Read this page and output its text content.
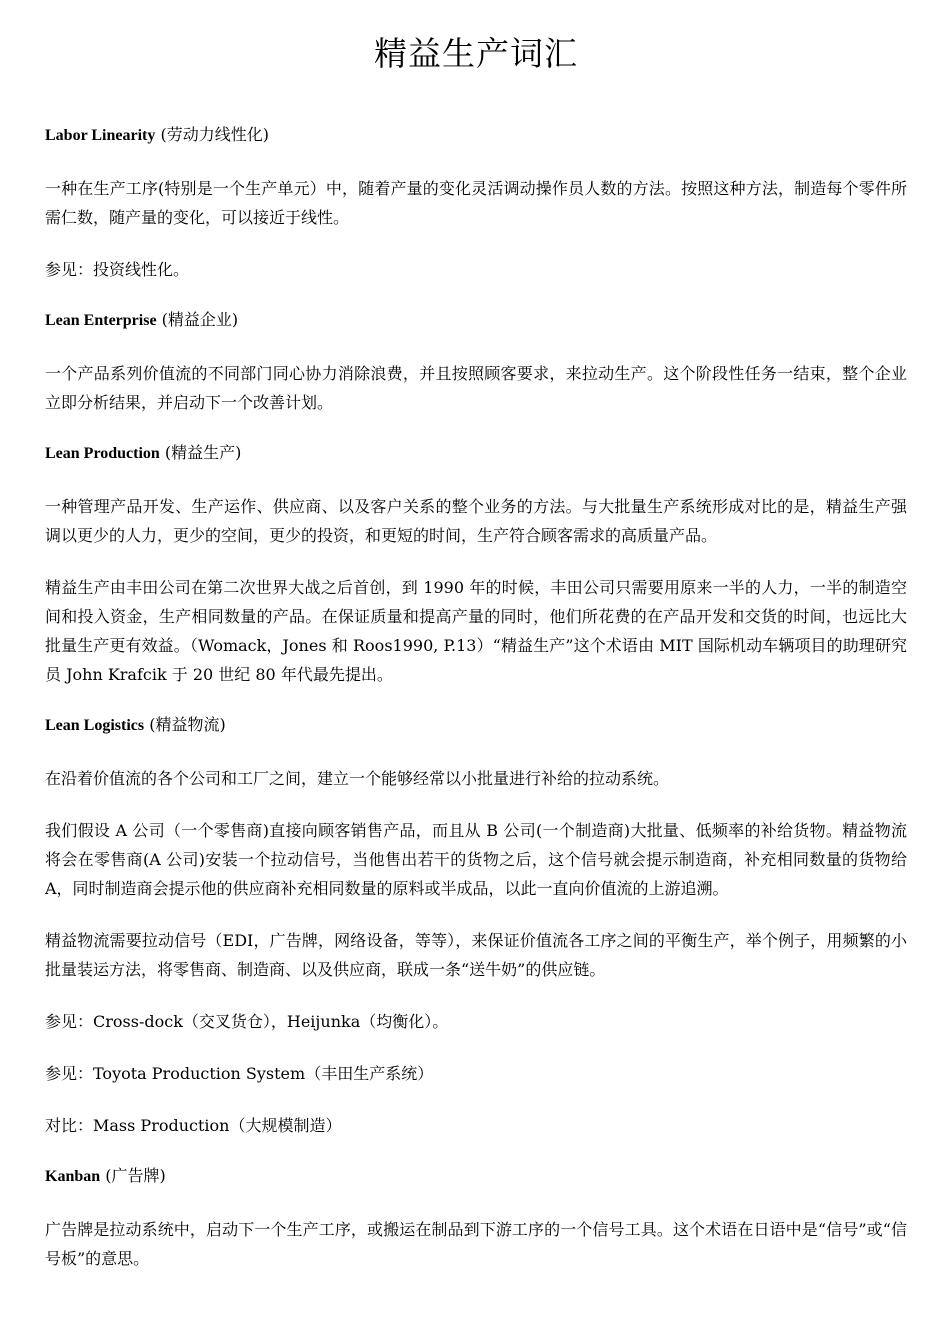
精益生产词汇
Labor Linearity (劳动力线性化)

一种在生产工序(特别是一个生产单元）中，随着产量的变化灵活调动操作员人数的方法。按照这种方法，制造每个零件所需仁数，随产量的变化，可以接近于线性。

参见：投资线性化。

Lean Enterprise (精益企业)

一个产品系列价值流的不同部门同心协力消除浪费，并且按照顾客要求，来拉动生产。这个阶段性任务一结束，整个企业立即分析结果，并启动下一个改善计划。

Lean Production (精益生产)

一种管理产品开发、生产运作、供应商、以及客户关系的整个业务的方法。与大批量生产系统形成对比的是，精益生产强调以更少的人力，更少的空间，更少的投资，和更短的时间，生产符合顾客需求的高质量产品。

精益生产由丰田公司在第二次世界大战之后首创，到 1990 年的时候，丰田公司只需要用原来一半的人力，一半的制造空间和投入资金，生产相同数量的产品。在保证质量和提高产量的同时，他们所花费的在产品开发和交货的时间，也远比大批量生产更有效益。（Womack，Jones 和 Roos1990, P.13）“精益生产”这个术语由 MIT 国际机动车辆项目的助理研究员 John Krafcik 于 20 世纪 80 年代最先提出。

Lean Logistics (精益物流)

在沿着价值流的各个公司和工厂之间，建立一个能够经常以小批量进行补给的拉动系统。

我们假设 A 公司（一个零售商)直接向顾客销售产品，而且从 B 公司(一个制造商)大批量、低频率的补给货物。精益物流将会在零售商(A 公司)安装一个拉动信号，当他售出若干的货物之后，这个信号就会提示制造商，补充相同数量的货物给 A，同时制造商会提示他的供应商补充相同数量的原料或半成品，以此一直向价值流的上游追溯。

精益物流需要拉动信号（EDI，广告牌，网络设备，等等），来保证价值流各工序之间的平衡生产，举个例子，用频繁的小批量装运方法，将零售商、制造商、以及供应商，联成一条“送牛奶”的供应链。

参见：Cross-dock（交叉货仓），Heijunka（均衡化）。

参见：Toyota Production System（丰田生产系统）

对比：Mass Production（大规模制造）

Kanban (广告牌)

广告牌是拉动系统中，启动下一个生产工序，或搬运在制品到下游工序的一个信号工具。这个术语在日语中是“信号”或“信号板”的意思。
